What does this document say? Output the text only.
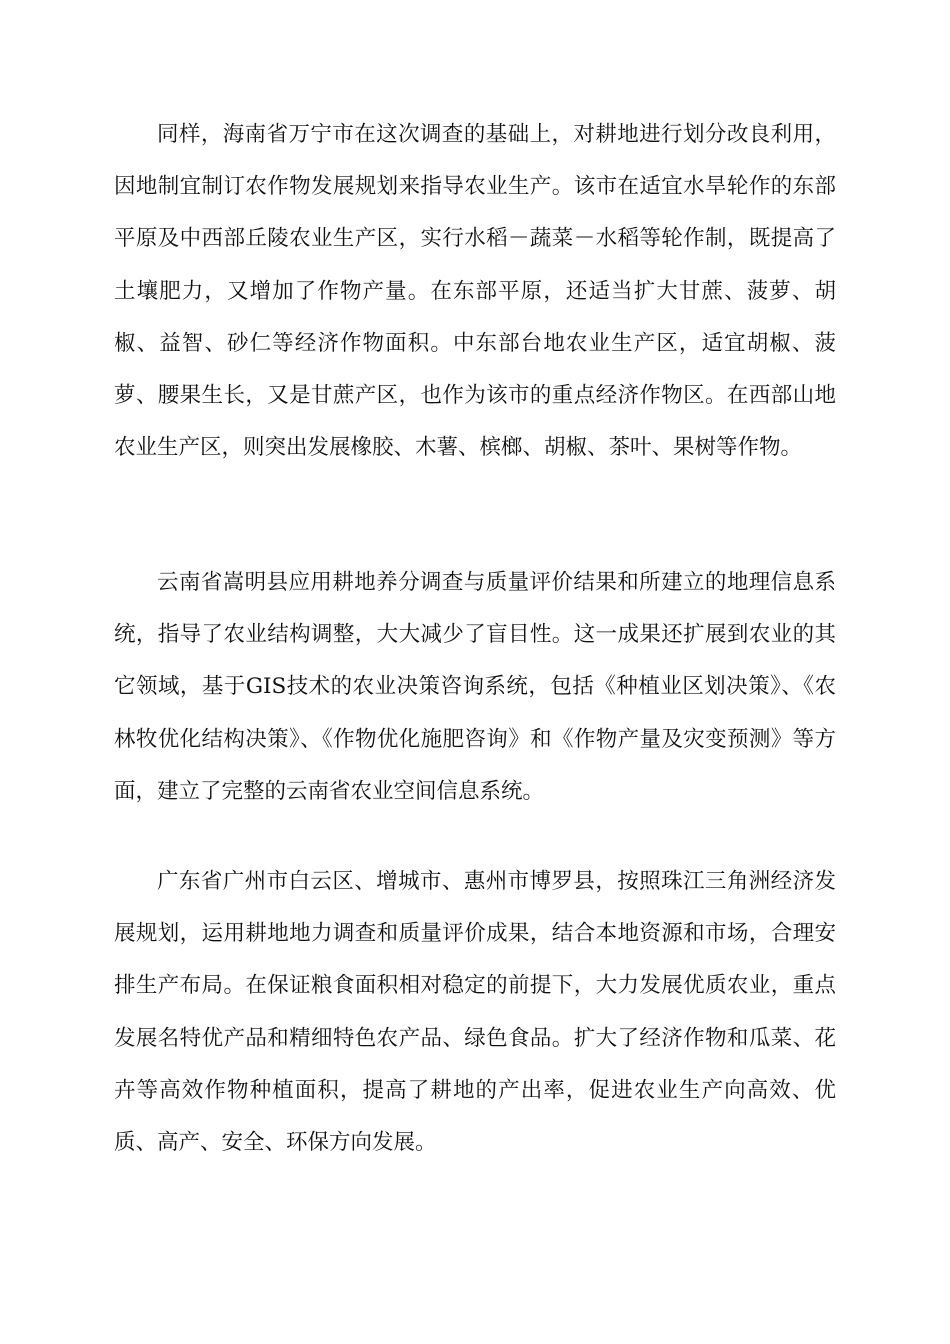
同样，海南省万宁市在这次调查的基础上，对耕地进行划分改良利用，因地制宜制订农作物发展规划来指导农业生产。该市在适宜水旱轮作的东部平原及中西部丘陵农业生产区，实行水稻－蔬菜－水稻等轮作制，既提高了土壤肥力，又增加了作物产量。在东部平原，还适当扩大甘蔗、菠萝、胡椒、益智、砂仁等经济作物面积。中东部台地农业生产区，适宜胡椒、菠萝、腰果生长，又是甘蔗产区，也作为该市的重点经济作物区。在西部山地农业生产区，则突出发展橡胶、木薯、槟榔、胡椒、茶叶、果树等作物。

云南省嵩明县应用耕地养分调查与质量评价结果和所建立的地理信息系统，指导了农业结构调整，大大减少了盲目性。这一成果还扩展到农业的其它领域，基于GIS技术的农业决策咨询系统，包括《种植业区划决策》、《农林牧优化结构决策》、《作物优化施肥咨询》和《作物产量及灾变预测》等方面，建立了完整的云南省农业空间信息系统。

广东省广州市白云区、增城市、惠州市博罗县，按照珠江三角洲经济发展规划，运用耕地地力调查和质量评价成果，结合本地资源和市场，合理安排生产布局。在保证粮食面积相对稳定的前提下，大力发展优质农业，重点发展名特优产品和精细特色农产品、绿色食品。扩大了经济作物和瓜菜、花卉等高效作物种植面积，提高了耕地的产出率，促进农业生产向高效、优质、高产、安全、环保方向发展。
